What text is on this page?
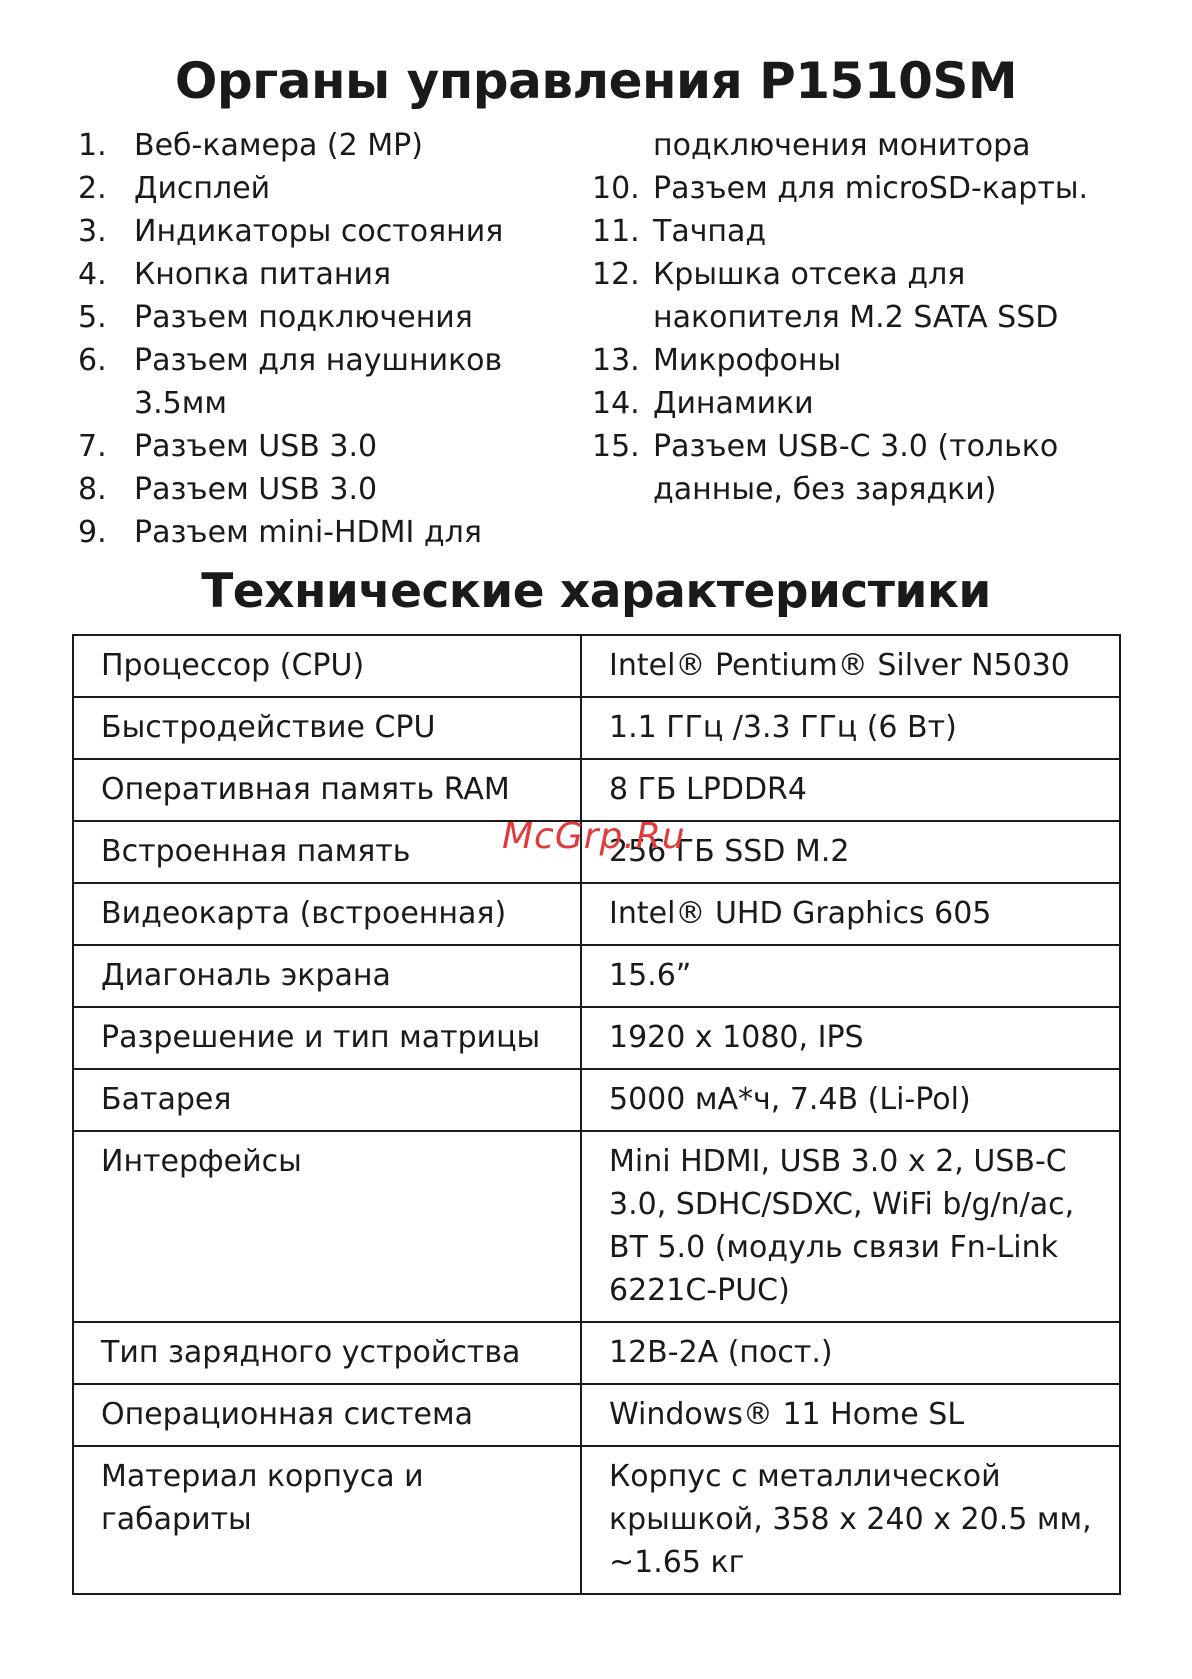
Органы управления P1510SM
1. Веб-камера (2 MP)
2. Дисплей
3. Индикаторы состояния
4. Кнопка питания
5. Разъем подключения
6. Разъем для наушников
3.5мм
7. Разъем USB 3.0
8. Разъем USB 3.0
9. Разъем mini-HDMI для
подключения монитора
10. Разъем для microSD-карты.
11. Тачпад
12. Крышка отсека для
накопителя M.2 SATA SSD
13. Микрофоны
14. Динамики
15. Разъем USB-C 3.0 (только
данные, без зарядки)
Технические характеристики
Процессор (CPU)	Intel® Pentium® Silver N5030
Быстродействие CPU	1.1 ГГц /3.3 ГГц (6 Вт)
Оперативная память RAM	8 ГБ LPDDR4
Встроенная память	256 ГБ SSD M.2
Видеокарта (встроенная)	Intel® UHD Graphics 605
Диагональ экрана	15.6”
Разрешение и тип матрицы	1920 x 1080, IPS
Батарея	5000 мА*ч, 7.4В (Li-Pol)
Интерфейсы	Mini HDMI, USB 3.0 x 2, USB-C
3.0, SDHC/SDXC, WiFi b/g/n/ac,
BT 5.0 (модуль связи Fn-Link
6221C-PUC)
Тип зарядного устройства	12В-2А (пост.)
Операционная система	Windows® 11 Home SL
Материал корпуса и
габариты	Корпус с металлической
крышкой, 358 x 240 x 20.5 мм,
~1.65 кг
McGrp.Ru
